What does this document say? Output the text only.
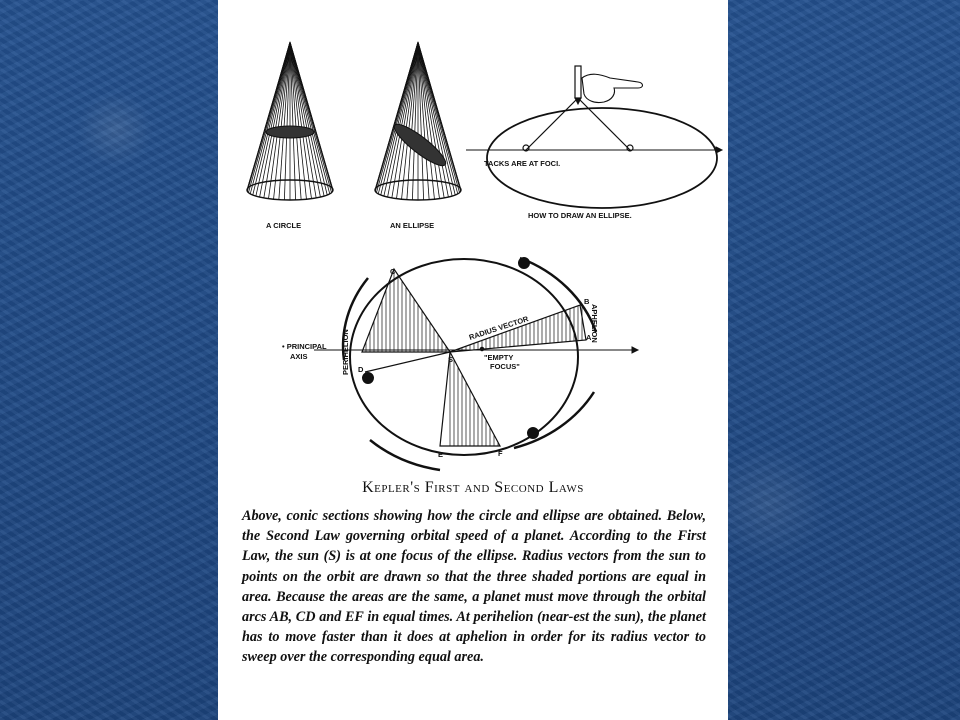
A CIRCLE	AN ELLIPSE
TACKS ARE AT FOCI.
HOW TO DRAW AN ELLIPSE.
• PRINCIPAL
AXIS
RADIUS VECTOR
"EMPTY
FOCUS"
PERIHELION
APHELION
S
C
B
A
D
E	F
Kepler's First and Second Laws
Above, conic sections showing how the circle and ellipse are obtained. Below, the Second Law governing orbital speed of a planet. According to the First Law, the sun (S) is at one focus of the ellipse. Radius vectors from the sun to points on the orbit are drawn so that the three shaded portions are equal in area. Because the areas are the same, a planet must move through the orbital arcs AB, CD and EF in equal times. At perihelion (near-est the sun), the planet has to move faster than it does at aphelion in order for its radius vector to sweep over the corresponding equal area.
